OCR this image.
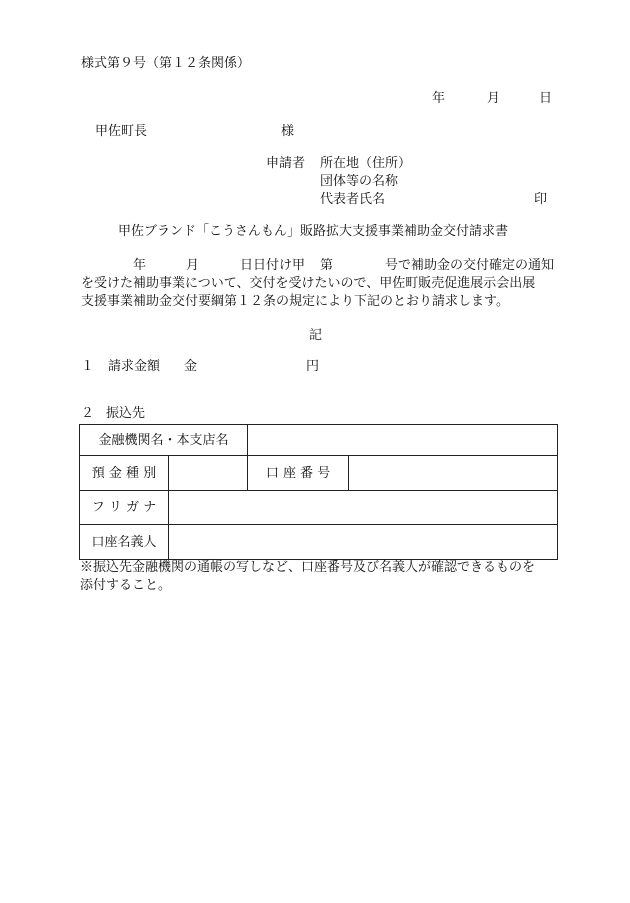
様式第９号（第１２条関係）
年	月	日
甲佐町長	様
申請者 所在地（住所）
団体等の名称
代表者氏名	印
甲佐ブランド「こうさんもん」販路拡大支援事業補助金交付請求書
年	月	日日付け甲 第	号で補助金の交付確定の通知
を受けた補助事業について、交付を受けたいので、甲佐町販売促進展示会出展
支援事業補助金交付要綱第１２条の規定により下記のとおり請求します。
記
１ 請求金額 金	円
２ 振込先
金融機関名・本支店名			
預 金 種 別		口 座 番 号	
フ リ ガ ナ			
口座名義人			
※振込先金融機関の通帳の写しなど、口座番号及び名義人が確認できるものを
添付すること。
